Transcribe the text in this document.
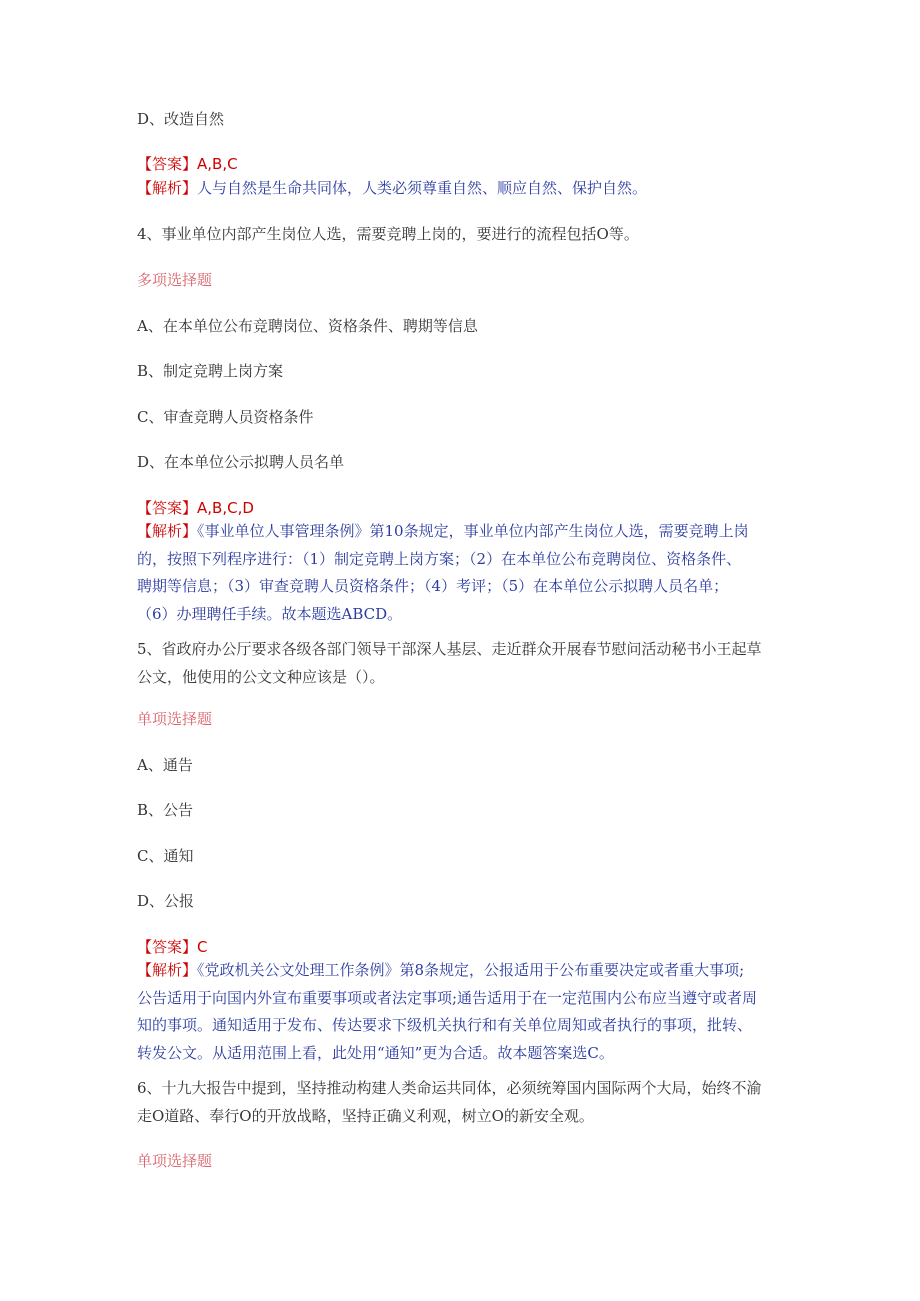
D、改造自然
【答案】A,B,C
【解析】人与自然是生命共同体，人类必须尊重自然、顺应自然、保护自然。
4、事业单位内部产生岗位人选，需要竞聘上岗的，要进行的流程包括O等。
多项选择题
A、在本单位公布竞聘岗位、资格条件、聘期等信息
B、制定竞聘上岗方案
C、审查竞聘人员资格条件
D、在本单位公示拟聘人员名单
【答案】A,B,C,D
【解析】《事业单位人事管理条例》第10条规定，事业单位内部产生岗位人选，需要竞聘上岗
的，按照下列程序进行：（1）制定竞聘上岗方案；（2）在本单位公布竞聘岗位、资格条件、
聘期等信息；（3）审查竞聘人员资格条件；（4）考评；（5）在本单位公示拟聘人员名单；
（6）办理聘任手续。故本题选ABCD。
5、省政府办公厅要求各级各部门领导干部深人基层、走近群众开展春节慰问活动秘书小王起草
公文，他使用的公文文种应该是（）。
单项选择题
A、通告
B、公告
C、通知
D、公报
【答案】C
【解析】《党政机关公文处理工作条例》第8条规定，公报适用于公布重要决定或者重大事项;
公告适用于向国内外宣布重要事项或者法定事项;通告适用于在一定范围内公布应当遵守或者周
知的事项。通知适用于发布、传达要求下级机关执行和有关单位周知或者执行的事项，批转、
转发公文。从适用范围上看，此处用“通知”更为合适。故本题答案选C。
6、十九大报告中提到，坚持推动构建人类命运共同体，必须统筹国内国际两个大局，始终不渝
走O道路、奉行O的开放战略，坚持正确义利观，树立O的新安全观。
单项选择题
